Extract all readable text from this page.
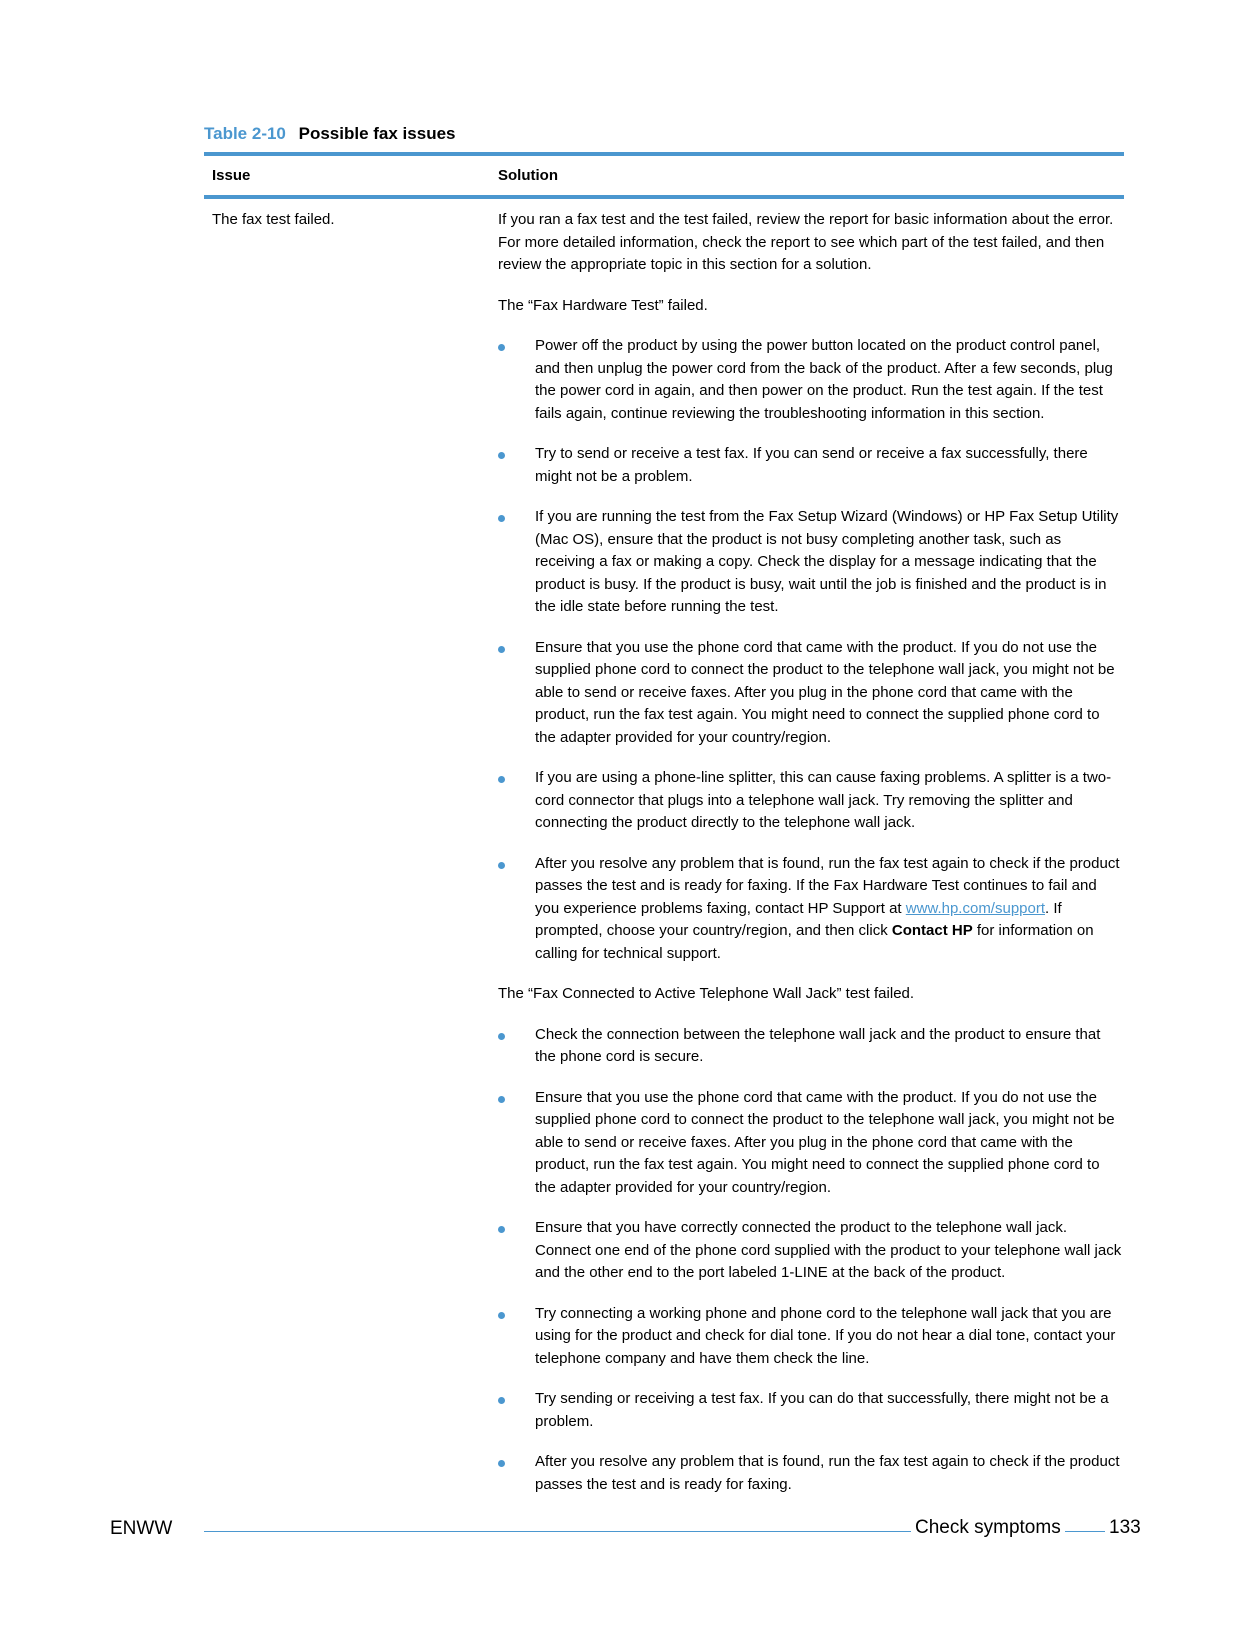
Table 2-10 Possible fax issues
Issue	Solution
The fax test failed.	If you ran a fax test and the test failed, review the report for basic information about the error. For more detailed information, check the report to see which part of the test failed, and then review the appropriate topic in this section for a solution.

The “Fax Hardware Test” failed.

Power off the product by using the power button located on the product control panel, and then unplug the power cord from the back of the product. After a few seconds, plug the power cord in again, and then power on the product. Run the test again. If the test fails again, continue reviewing the troubleshooting information in this section.
Try to send or receive a test fax. If you can send or receive a fax successfully, there might not be a problem.
If you are running the test from the Fax Setup Wizard (Windows) or HP Fax Setup Utility (Mac OS), ensure that the product is not busy completing another task, such as receiving a fax or making a copy. Check the display for a message indicating that the product is busy. If the product is busy, wait until the job is finished and the product is in the idle state before running the test.
Ensure that you use the phone cord that came with the product. If you do not use the supplied phone cord to connect the product to the telephone wall jack, you might not be able to send or receive faxes. After you plug in the phone cord that came with the product, run the fax test again. You might need to connect the supplied phone cord to the adapter provided for your country/region.
If you are using a phone-line splitter, this can cause faxing problems. A splitter is a two-cord connector that plugs into a telephone wall jack. Try removing the splitter and connecting the product directly to the telephone wall jack.
After you resolve any problem that is found, run the fax test again to check if the product passes the test and is ready for faxing. If the Fax Hardware Test continues to fail and you experience problems faxing, contact HP Support at www.hp.com/support. If prompted, choose your country/region, and then click Contact HP for information on calling for technical support.

The “Fax Connected to Active Telephone Wall Jack” test failed.

Check the connection between the telephone wall jack and the product to ensure that the phone cord is secure.
Ensure that you use the phone cord that came with the product. If you do not use the supplied phone cord to connect the product to the telephone wall jack, you might not be able to send or receive faxes. After you plug in the phone cord that came with the product, run the fax test again. You might need to connect the supplied phone cord to the adapter provided for your country/region.
Ensure that you have correctly connected the product to the telephone wall jack. Connect one end of the phone cord supplied with the product to your telephone wall jack and the other end to the port labeled 1-LINE at the back of the product.
Try connecting a working phone and phone cord to the telephone wall jack that you are using for the product and check for dial tone. If you do not hear a dial tone, contact your telephone company and have them check the line.
Try sending or receiving a test fax. If you can do that successfully, there might not be a problem.
After you resolve any problem that is found, run the fax test again to check if the product passes the test and is ready for faxing.
ENWW	Check symptoms	133
